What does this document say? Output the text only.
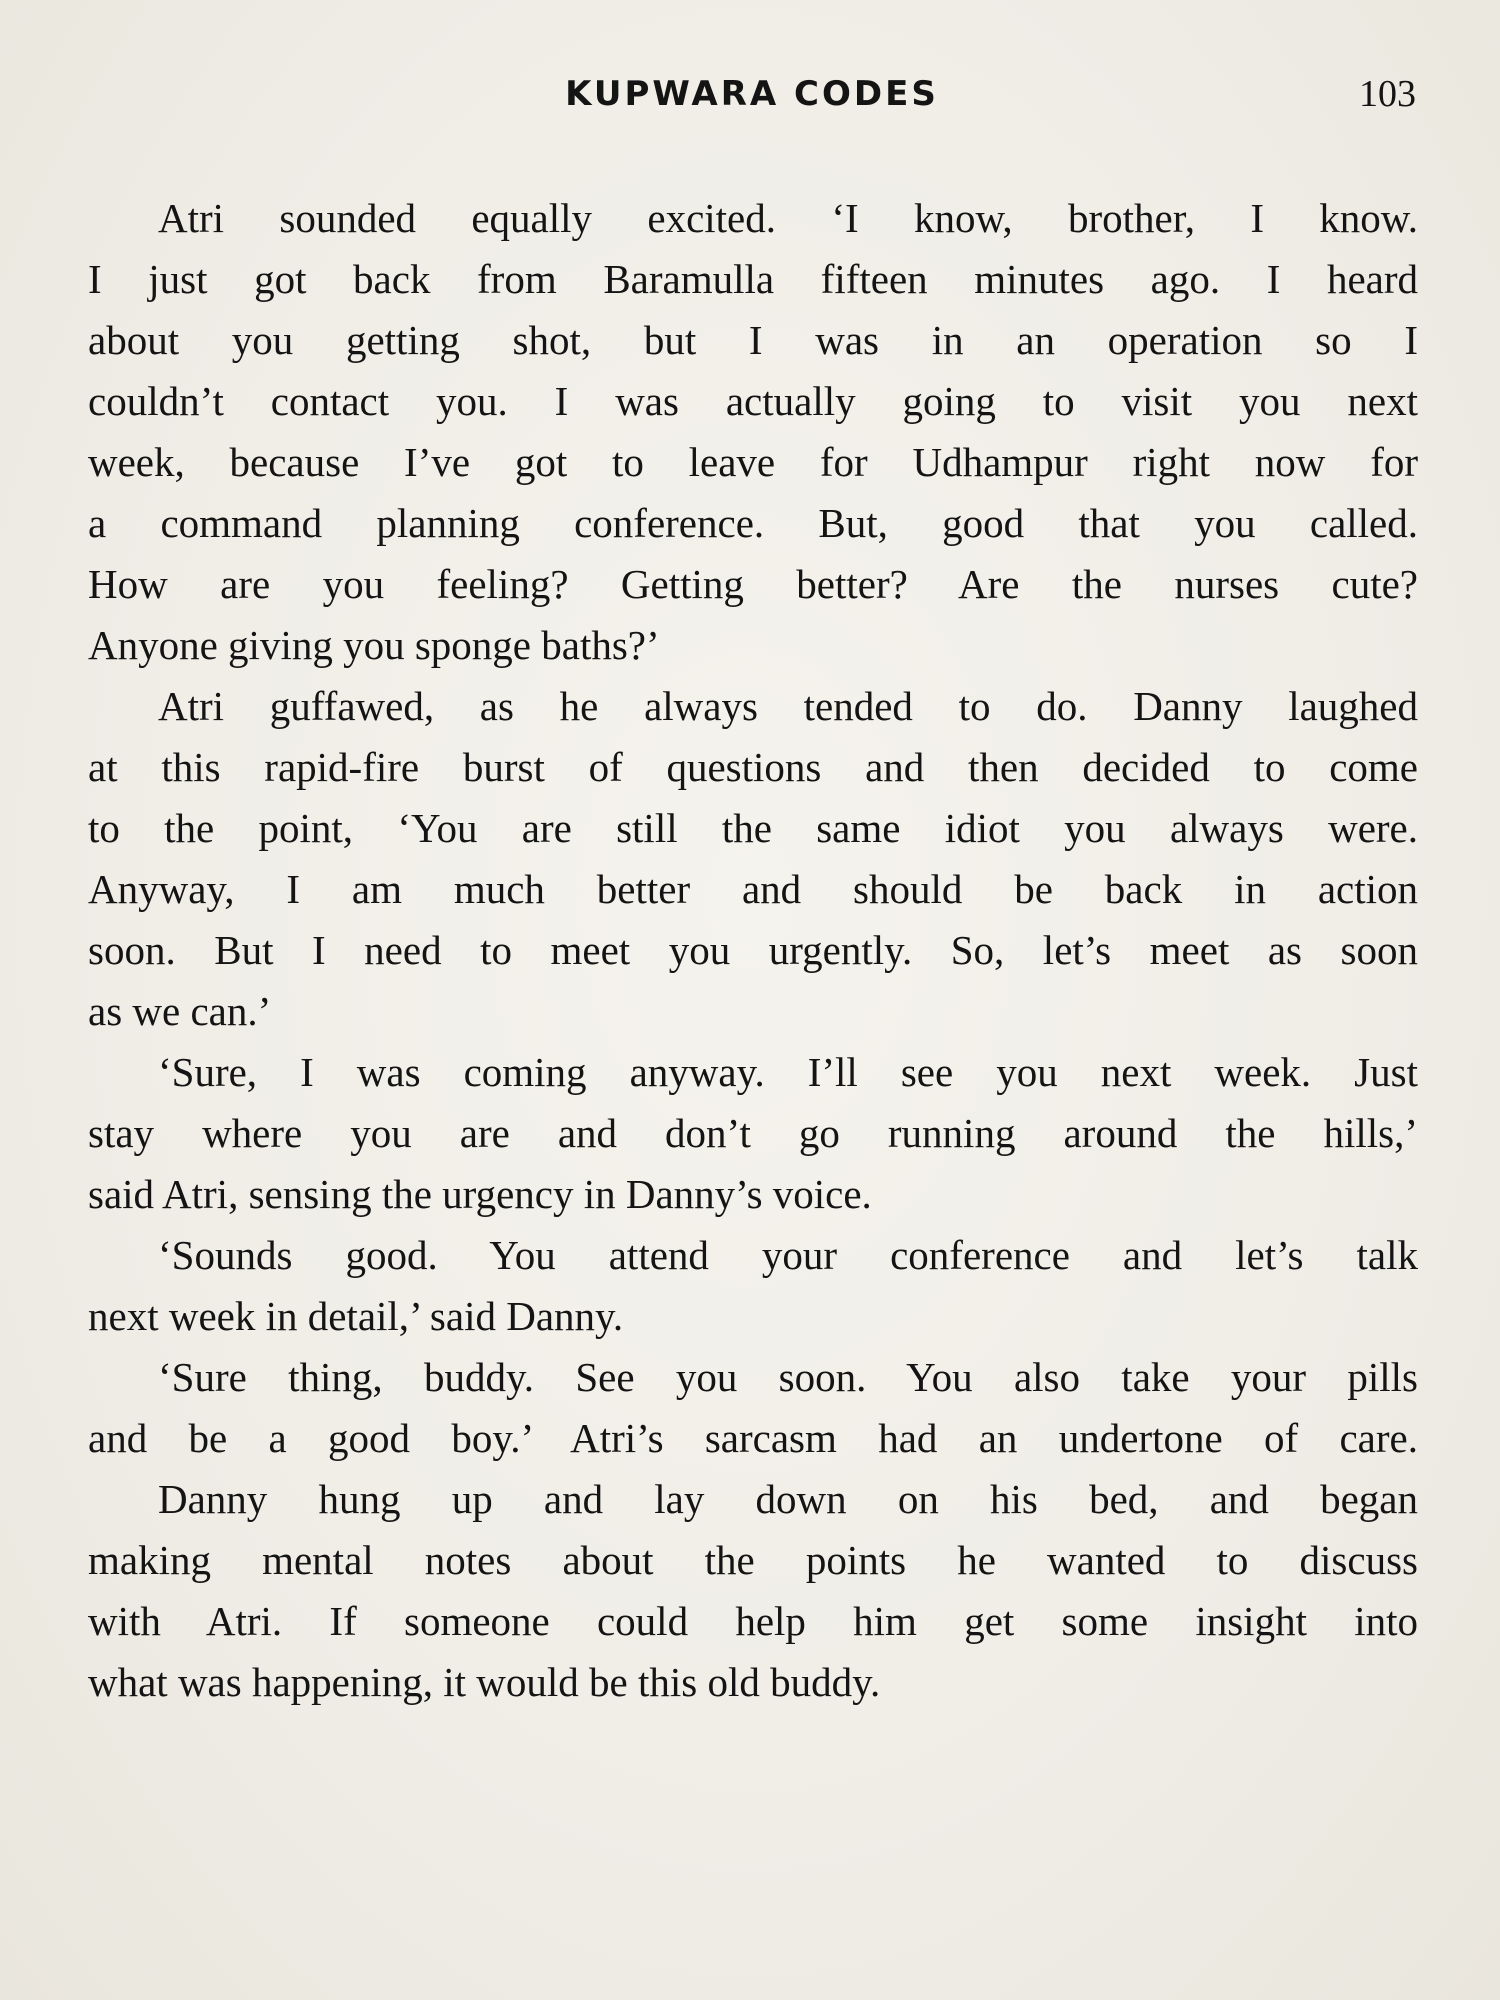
KUPWARA CODES	103
Atri sounded equally excited. ‘I know, brother, I know.
I just got back from Baramulla fifteen minutes ago. I heard
about you getting shot, but I was in an operation so I
couldn’t contact you. I was actually going to visit you next
week, because I’ve got to leave for Udhampur right now for
a command planning conference. But, good that you called.
How are you feeling? Getting better? Are the nurses cute?
Anyone giving you sponge baths?’
Atri guffawed, as he always tended to do. Danny laughed
at this rapid-fire burst of questions and then decided to come
to the point, ‘You are still the same idiot you always were.
Anyway, I am much better and should be back in action
soon. But I need to meet you urgently. So, let’s meet as soon
as we can.’
‘Sure, I was coming anyway. I’ll see you next week. Just
stay where you are and don’t go running around the hills,’
said Atri, sensing the urgency in Danny’s voice.
‘Sounds good. You attend your conference and let’s talk
next week in detail,’ said Danny.
‘Sure thing, buddy. See you soon. You also take your pills
and be a good boy.’ Atri’s sarcasm had an undertone of care.
Danny hung up and lay down on his bed, and began
making mental notes about the points he wanted to discuss
with Atri. If someone could help him get some insight into
what was happening, it would be this old buddy.
